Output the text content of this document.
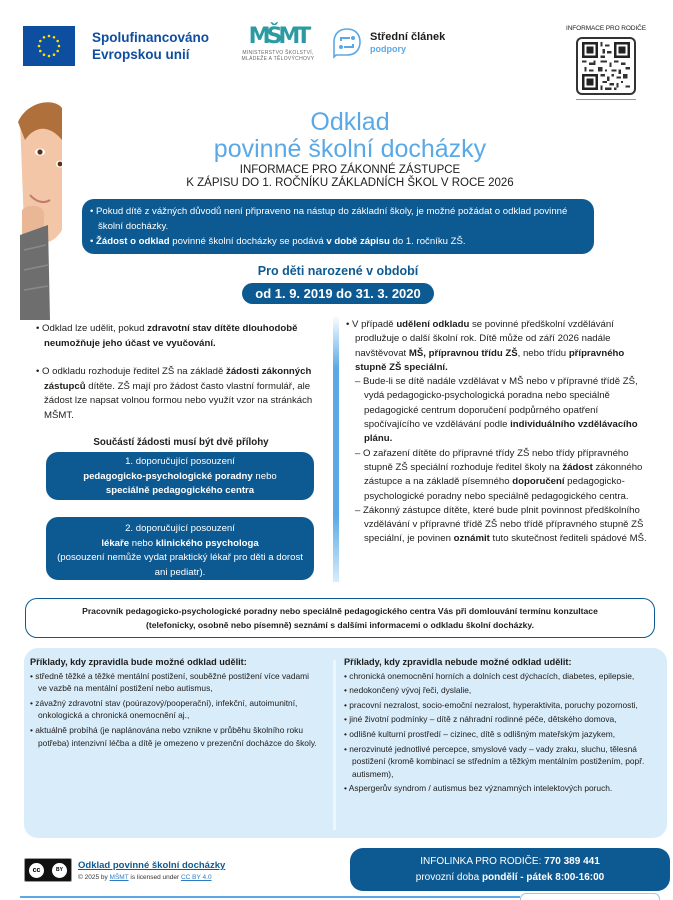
Spolufinancováno
Evropskou unií
MŠMT
MINISTERSTVO ŠKOLSTVÍ,
MLÁDEŽE A TĚLOVÝCHOVY
Střední článek
podpory
INFORMACE PRO RODIČE
Odklad
povinné školní docházky
INFORMACE PRO ZÁKONNÉ ZÁSTUPCE
K ZÁPISU DO 1. ROČNÍKU ZÁKLADNÍCH ŠKOL V ROCE 2026

• Pokud dítě z vážných důvodů není připraveno na nástup do základní školy, je možné požádat o odklad povinné školní docházky.

• Žádost o odklad povinné školní docházky se podává v době zápisu do 1. ročníku ZŠ.

Pro děti narozené v období
od 1. 9. 2019 do 31. 3. 2020

• Odklad lze udělit, pokud zdravotní stav dítěte dlouhodobě neumožňuje jeho účast ve vyučování.

• O odkladu rozhoduje ředitel ZŠ na základě žádosti zákonných zástupců dítěte. ZŠ mají pro žádost často vlastní formulář, ale žádost lze napsat volnou formou nebo využít vzor na stránkách MŠMT.

Součástí žádosti musí být dvě přílohy
1. doporučující posouzení
pedagogicko-psychologické poradny nebo
speciálně pedagogického centra
2. doporučující posouzení
lékaře nebo klinického psychologa
(posouzení nemůže vydat praktický lékař pro děti a dorost ani pediatr).

• V případě udělení odkladu se povinné předškolní vzdělávání prodlužuje o další školní rok. Dítě může od září 2026 nadále navštěvovat MŠ, přípravnou třídu ZŠ, nebo třídu přípravného stupně ZŠ speciální.

– Bude-li se dítě nadále vzdělávat v MŠ nebo v přípravné třídě ZŠ, vydá pedagogicko-psychologická poradna nebo speciálně pedagogické centrum doporučení podpůrného opatření spočívajícího ve vzdělávání podle individuálního vzdělávacího plánu.

– O zařazení dítěte do přípravné třídy ZŠ nebo třídy přípravného stupně ZŠ speciální rozhoduje ředitel školy na žádost zákonného zástupce a na základě písemného doporučení pedagogicko-psychologické poradny nebo speciálně pedagogického centra.

– Zákonný zástupce dítěte, které bude plnit povinnost předškolního vzdělávání v přípravné třídě ZŠ nebo třídě přípravného stupně ZŠ speciální, je povinen oznámit tuto skutečnost řediteli spádové MŠ.

Pracovník pedagogicko-psychologické poradny nebo speciálně pedagogického centra Vás při domlouvání termínu konzultace
(telefonicky, osobně nebo písemně) seznámí s dalšími informacemi o odkladu školní docházky.
Příklady, kdy zpravidla bude možné odklad udělit:
• středně těžké a těžké mentální postižení, souběžné postižení více vadami ve vazbě na mentální postižení nebo autismus,
• závažný zdravotní stav (poúrazový/pooperační), infekční, autoimunitní, onkologická a chronická onemocnění aj.,
• aktuálně probíhá (je naplánována nebo vznikne v průběhu školního roku potřeba) intenzivní léčba a dítě je omezeno v prezenční docházce do školy.
Příklady, kdy zpravidla nebude možné odklad udělit:
• chronická onemocnění horních a dolních cest dýchacích, diabetes, epilepsie,
• nedokončený vývoj řeči, dyslalie,
• pracovní nezralost, socio-emoční nezralost, hyperaktivita, poruchy pozornosti,
• jiné životní podmínky – dítě z náhradní rodinné péče, dětského domova,
• odlišné kulturní prostředí – cizinec, dítě s odlišným mateřským jazykem,
• nerozvinuté jednotlivé percepce, smyslové vady – vady zraku, sluchu, tělesná postižení (kromě kombinací se středním a těžkým mentálním postižením, popř. autismem),
• Aspergerův syndrom / autismus bez významných intelektových poruch.
cc	BY	Odklad povinné školní docházky
© 2025 by MŠMT is licensed under CC BY 4.0
INFOLINKA PRO RODIČE: 770 389 441
provozní doba pondělí - pátek 8:00-16:00
